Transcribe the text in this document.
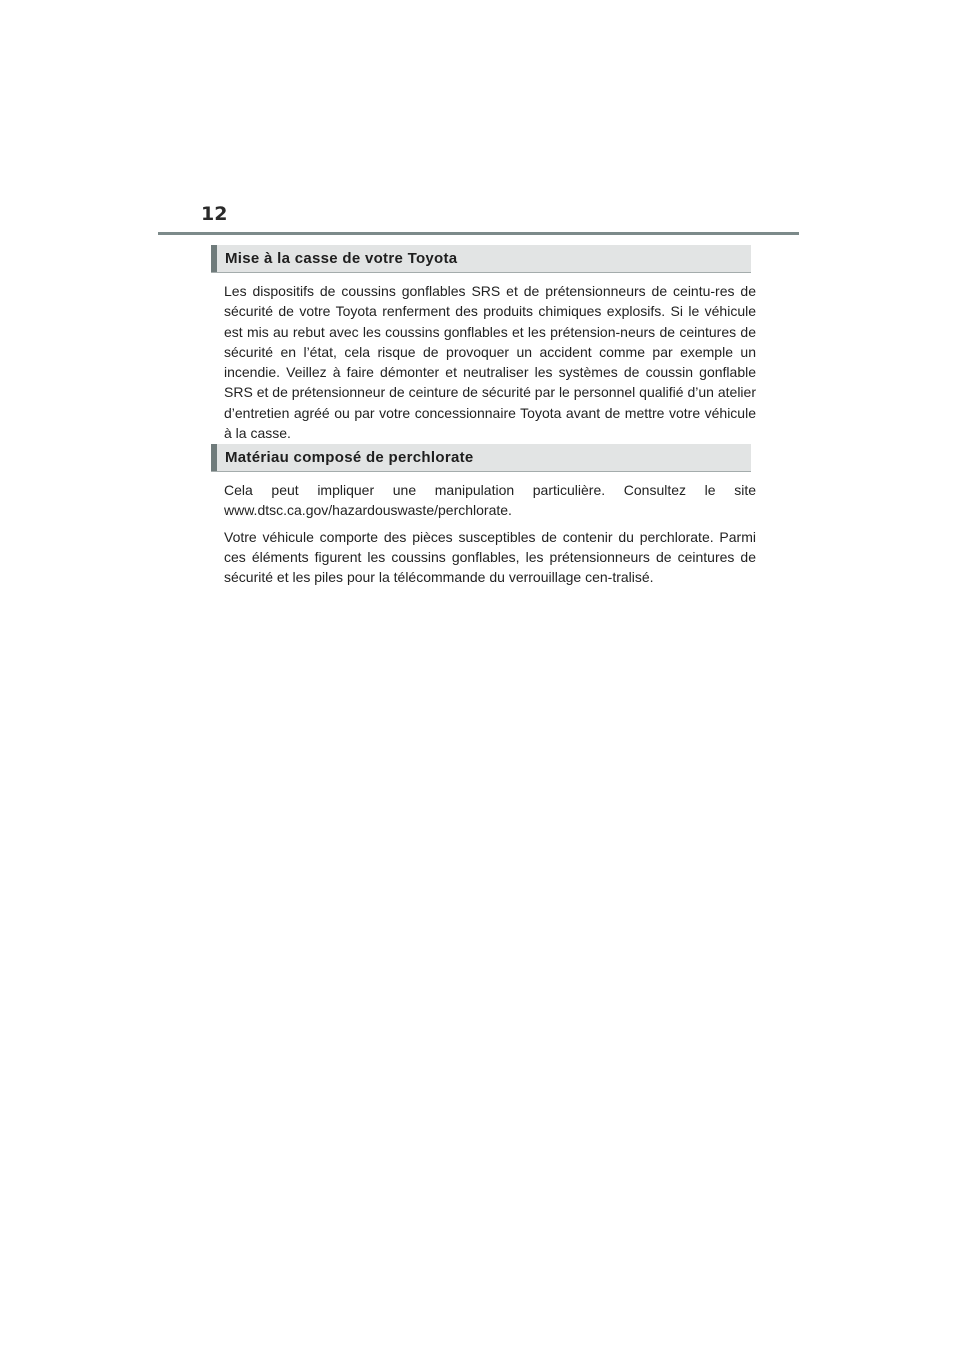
12
Mise à la casse de votre Toyota

Les dispositifs de coussins gonflables SRS et de prétensionneurs de ceintu-res de sécurité de votre Toyota renferment des produits chimiques explosifs. Si le véhicule est mis au rebut avec les coussins gonflables et les prétension-neurs de ceintures de sécurité en l’état, cela risque de provoquer un accident comme par exemple un incendie. Veillez à faire démonter et neutraliser les systèmes de coussin gonflable SRS et de prétensionneur de ceinture de sécurité par le personnel qualifié d’un atelier d’entretien agréé ou par votre concessionnaire Toyota avant de mettre votre véhicule à la casse.

Matériau composé de perchlorate

Cela peut impliquer une manipulation particulière. Consultez le site

www.dtsc.ca.gov/hazardouswaste/perchlorate.

Votre véhicule comporte des pièces susceptibles de contenir du perchlorate. Parmi ces éléments figurent les coussins gonflables, les prétensionneurs de ceintures de sécurité et les piles pour la télécommande du verrouillage cen-tralisé.
